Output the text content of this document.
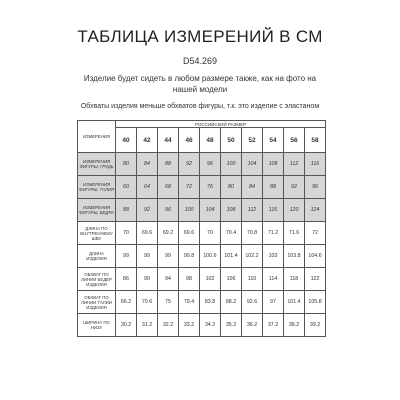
ТАБЛИЦА ИЗМЕРЕНИЙ В СМ
D54.269
Изделие будет сидеть в любом размере также, как на фото на
нашей модели
Обхваты изделия меньше обхватов фигуры, т.к. это изделие с эластаном
ИЗМЕРЕНИЯ	РОССИЙСКИЙ РАЗМЕР									
	40	42	44	46	48	50	52	54	56	58
ИЗМЕРЕНИЯ ФИГУРЫ, ГРУДЬ	80	84	88	92	96	100	104	108	112	116
ИЗМЕРЕНИЯ ФИГУРЫ, ТАЛИЯ	60	64	68	72	76	80	84	88	92	96
ИЗМЕРЕНИЯ ФИГУРЫ, БЕДРА	88	92	96	100	104	108	112	116	120	124
ДЛИНА ПО ВНУТРЕННЕМУ ШВУ	70	69.6	69.2	69.6	70	70.4	70.8	71.2	71.6	72
ДЛИНА ИЗДЕЛИЯ	99	99	99	99.8	100.6	101.4	102.2	103	103.8	104.6
ОБХВАТ ПО ЛИНИИ БЕДЕР ИЗДЕЛИЯ	86	90	94	98	102	106	110	114	118	122
ОБХВАТ ПО ЛИНИИ ТАЛИИ ИЗДЕЛИЯ	66.2	70.6	75	79.4	83.8	88.2	92.6	97	101.4	105.8
ШИРИНА ПО НИЗУ	30.2	31.2	32.2	33.2	34.2	35.2	36.2	37.2	38.2	39.2
